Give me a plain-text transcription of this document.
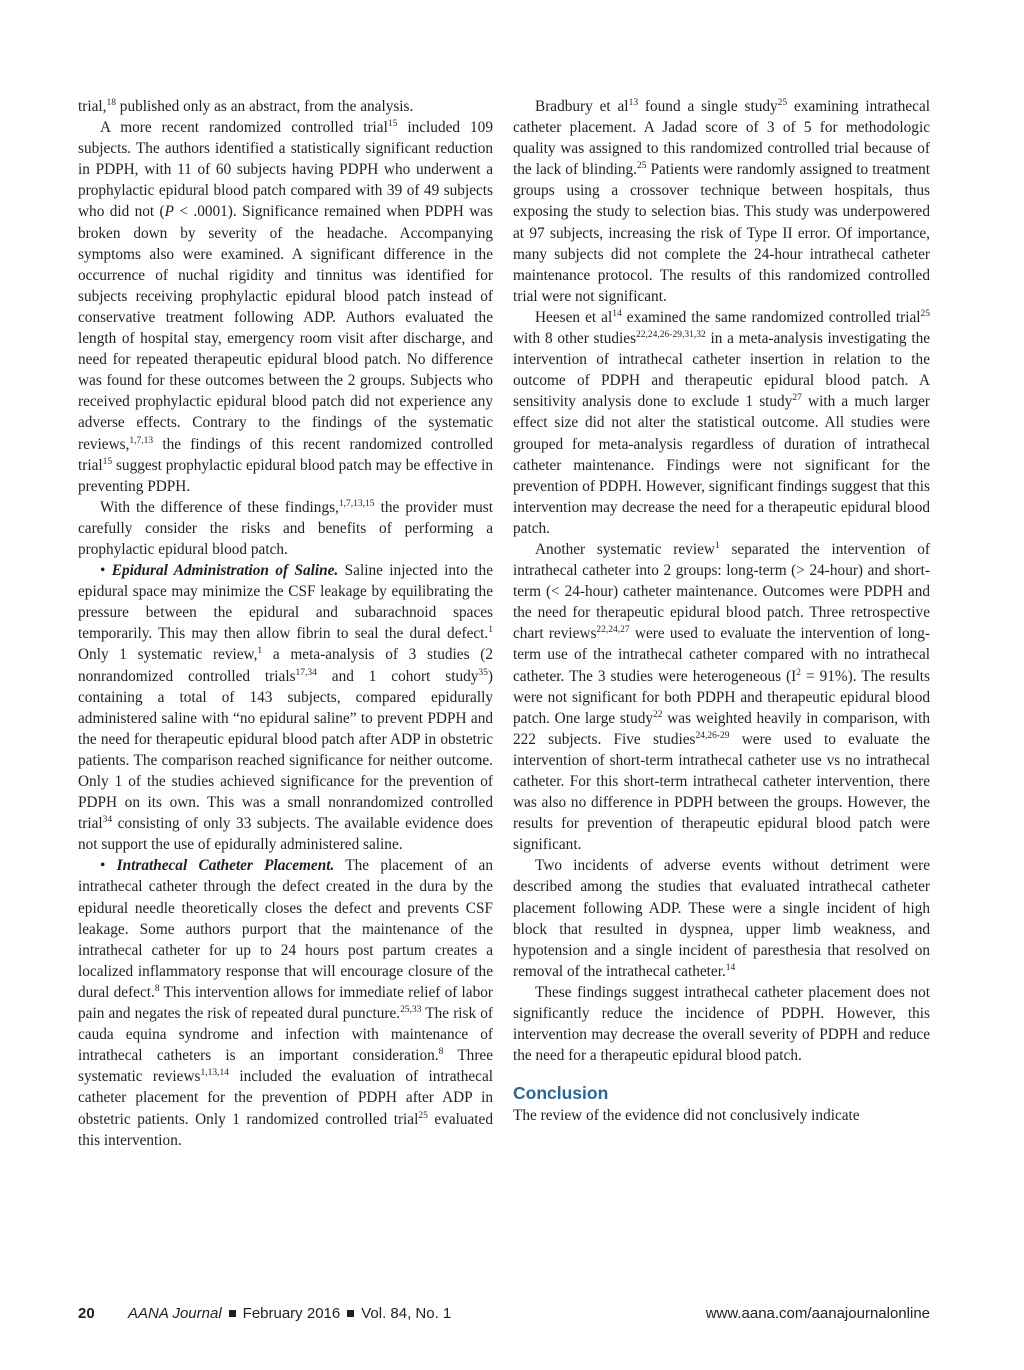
trial,$^{18}$ published only as an abstract, from the analysis.

A more recent randomized controlled trial$^{15}$ included 109 subjects. The authors identified a statistically significant reduction in PDPH, with 11 of 60 subjects having PDPH who underwent a prophylactic epidural blood patch compared with 39 of 49 subjects who did not (P < .0001). Significance remained when PDPH was broken down by severity of the headache. Accompanying symptoms also were examined. A significant difference in the occurrence of nuchal rigidity and tinnitus was identified for subjects receiving prophylactic epidural blood patch instead of conservative treatment following ADP. Authors evaluated the length of hospital stay, emergency room visit after discharge, and need for repeated therapeutic epidural blood patch. No difference was found for these outcomes between the 2 groups. Subjects who received prophylactic epidural blood patch did not experience any adverse effects. Contrary to the findings of the systematic reviews,$^{1,7,13}$ the findings of this recent randomized controlled trial$^{15}$ suggest prophylactic epidural blood patch may be effective in preventing PDPH.

With the difference of these findings,$^{1,7,13,15}$ the provider must carefully consider the risks and benefits of performing a prophylactic epidural blood patch.

• Epidural Administration of Saline. Saline injected into the epidural space may minimize the CSF leakage by equilibrating the pressure between the epidural and subarachnoid spaces temporarily. This may then allow fibrin to seal the dural defect.$^1$ Only 1 systematic review,$^1$ a meta-analysis of 3 studies (2 nonrandomized controlled trials$^{17,34}$ and 1 cohort study$^{35}$) containing a total of 143 subjects, compared epidurally administered saline with “no epidural saline” to prevent PDPH and the need for therapeutic epidural blood patch after ADP in obstetric patients. The comparison reached significance for neither outcome. Only 1 of the studies achieved significance for the prevention of PDPH on its own. This was a small nonrandomized controlled trial$^{34}$ consisting of only 33 subjects. The available evidence does not support the use of epidurally administered saline.

• Intrathecal Catheter Placement. The placement of an intrathecal catheter through the defect created in the dura by the epidural needle theoretically closes the defect and prevents CSF leakage. Some authors purport that the maintenance of the intrathecal catheter for up to 24 hours post partum creates a localized inflammatory response that will encourage closure of the dural defect.$^8$ This intervention allows for immediate relief of labor pain and negates the risk of repeated dural puncture.$^{25,33}$ The risk of cauda equina syndrome and infection with maintenance of intrathecal catheters is an important consideration.$^8$ Three systematic reviews$^{1,13,14}$ included the evaluation of intrathecal catheter placement for the prevention of PDPH after ADP in obstetric patients. Only 1 randomized controlled trial$^{25}$ evaluated this intervention.

Bradbury et $al^{13}$ found a single study$^{25}$ examining intrathecal catheter placement. A Jadad score of 3 of 5 for methodologic quality was assigned to this randomized controlled trial because of the lack of blinding.$^{25}$ Patients were randomly assigned to treatment groups using a crossover technique between hospitals, thus exposing the study to selection bias. This study was underpowered at 97 subjects, increasing the risk of Type II error. Of importance, many subjects did not complete the 24-hour intrathecal catheter maintenance protocol. The results of this randomized controlled trial were not significant.

Heesen et $al^{14}$ examined the same randomized controlled trial$^{25}$ with 8 other studies$^{22,24,26-29,31,32}$ in a meta-analysis investigating the intervention of intrathecal catheter insertion in relation to the outcome of PDPH and therapeutic epidural blood patch. A sensitivity analysis done to exclude 1 study$^{27}$ with a much larger effect size did not alter the statistical outcome. All studies were grouped for meta-analysis regardless of duration of intrathecal catheter maintenance. Findings were not significant for the prevention of PDPH. However, significant findings suggest that this intervention may decrease the need for a therapeutic epidural blood patch.

Another systematic review$^1$ separated the intervention of intrathecal catheter into 2 groups: long-term (> 24-hour) and short-term (< 24-hour) catheter maintenance. Outcomes were PDPH and the need for therapeutic epidural blood patch. Three retrospective chart reviews$^{22,24,27}$ were used to evaluate the intervention of long-term use of the intrathecal catheter compared with no intrathecal catheter. The 3 studies were heterogeneous $(I^2 = 91\%)$. The results were not significant for both PDPH and therapeutic epidural blood patch. One large study$^{22}$ was weighted heavily in comparison, with 222 subjects. Five studies$^{24,26-29}$ were used to evaluate the intervention of short-term intrathecal catheter use vs no intrathecal catheter. For this short-term intrathecal catheter intervention, there was also no difference in PDPH between the groups. However, the results for prevention of therapeutic epidural blood patch were significant.

Two incidents of adverse events without detriment were described among the studies that evaluated intrathecal catheter placement following ADP. These were a single incident of high block that resulted in dyspnea, upper limb weakness, and hypotension and a single incident of paresthesia that resolved on removal of the intrathecal catheter.$^{14}$

These findings suggest intrathecal catheter placement does not significantly reduce the incidence of PDPH. However, this intervention may decrease the overall severity of PDPH and reduce the need for a therapeutic epidural blood patch.

Conclusion

The review of the evidence did not conclusively indicate

20 AANA Journal February 2016 Vol. 84, No. 1	www.aana.com/aanajournalonline
